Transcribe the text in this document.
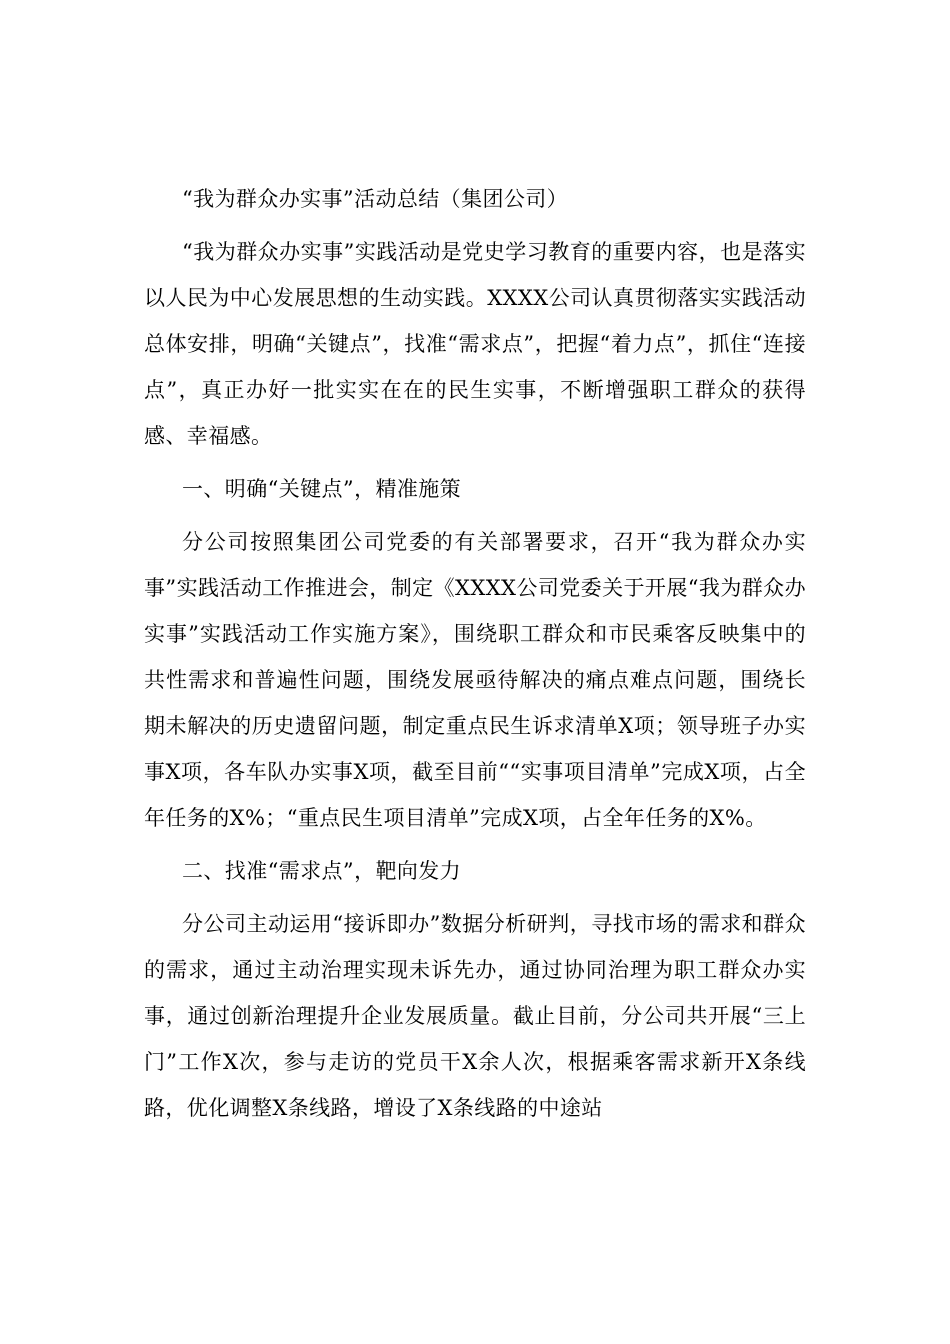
“我为群众办实事”活动总结（集团公司）

“我为群众办实事”实践活动是党史学习教育的重要内容，也是落实以人民为中心发展思想的生动实践。XXXX公司认真贯彻落实实践活动总体安排，明确“关键点”，找准“需求点”，把握“着力点”，抓住“连接点”，真正办好一批实实在在的民生实事，不断增强职工群众的获得感、幸福感。

一、明确“关键点”，精准施策

分公司按照集团公司党委的有关部署要求，召开“我为群众办实事”实践活动工作推进会，制定《XXXX公司党委关于开展“我为群众办实事”实践活动工作实施方案》，围绕职工群众和市民乘客反映集中的共性需求和普遍性问题，围绕发展亟待解决的痛点难点问题，围绕长期未解决的历史遗留问题，制定重点民生诉求清单X项；领导班子办实事X项，各车队办实事X项，截至目前““实事项目清单”完成X项，占全年任务的X%；“重点民生项目清单”完成X项，占全年任务的X%。

二、找准“需求点”，靶向发力

分公司主动运用“接诉即办”数据分析研判，寻找市场的需求和群众的需求，通过主动治理实现未诉先办，通过协同治理为职工群众办实事，通过创新治理提升企业发展质量。截止目前，分公司共开展“三上门”工作X次，参与走访的党员干X余人次，根据乘客需求新开X条线路，优化调整X条线路，增设了X条线路的中途站
